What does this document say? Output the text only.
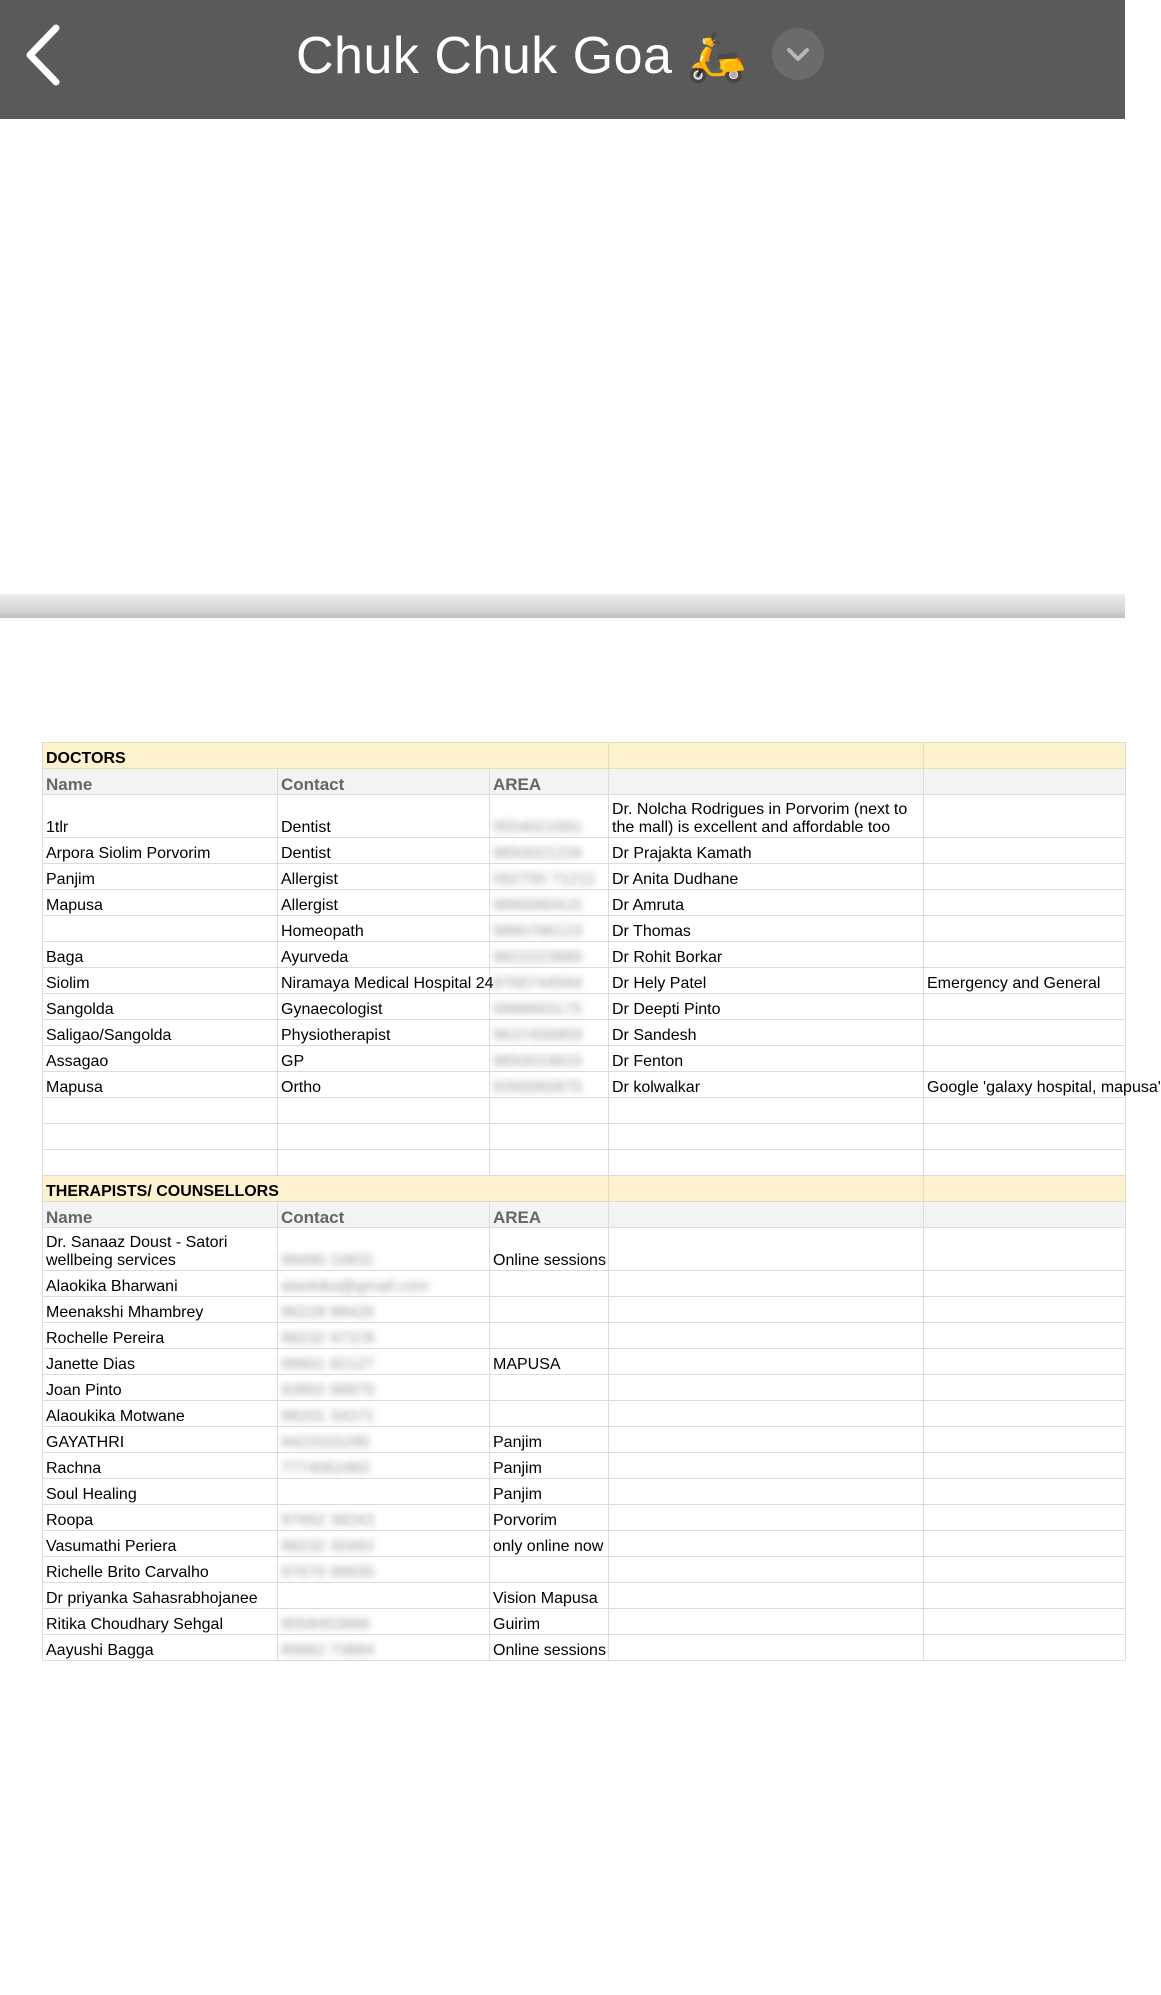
Chuk Chuk Goa 🛵
DOCTORS				
Name	Contact	AREA		
1tlr	Dentist	9554021681	Dr. Nolcha Rodrigues in Porvorim (next to the mall) is excellent and affordable too	
Arpora Siolim Porvorim	Dentist	9850021234	Dr Prajakta Kamath	
Panjim	Allergist	092700 71212	Dr Anita Dudhane	
Mapusa	Allergist	9890060415	Dr Amruta	
	Homeopath	9880786123	Dr Thomas	
Baga	Ayurveda	9822223889	Dr Rohit Borkar	
Siolim	Niramaya Medical Hospital 24	9766744564	Dr Hely Patel	Emergency and General
Sangolda	Gynaecologist	9988663175	Dr Deepti Pinto	
Saligao/Sangolda	Physiotherapist	9637456859	Dr Sandesh	
Assagao	GP	9850019815	Dr Fenton	
Mapusa	Ortho	9390060870	Dr kolwalkar	Google 'galaxy hospital, mapusa'

THERAPISTS/ COUNSELLORS				
Name	Contact	AREA		
Dr. Sanaaz Doust - Satori wellbeing services	98490 10831	Online sessions		
Alaokika Bharwani	alaokika@gmail.com			
Meenakshi Mhambrey	96228 88426			
Rochelle Pereira	98232 97378			
Janette Dias	99601 82127	MAPUSA		
Joan Pinto	93802 98870			
Alaoukika Motwane	98201 34371			
GAYATHRI	9422015285	Panjim		
Rachna	7774062482	Panjim		
Soul Healing		Panjim		
Roopa	97662 38243	Porvorim		
Vasumathi Periera	98232 30492	only online now		
Richelle Brito Carvalho	97670 99935			
Dr priyanka Sahasrabhojanee		Vision Mapusa		
Ritika Choudhary Sehgal	9058453966	Guirim		
Aayushi Bagga	89862 73884	Online sessions		
